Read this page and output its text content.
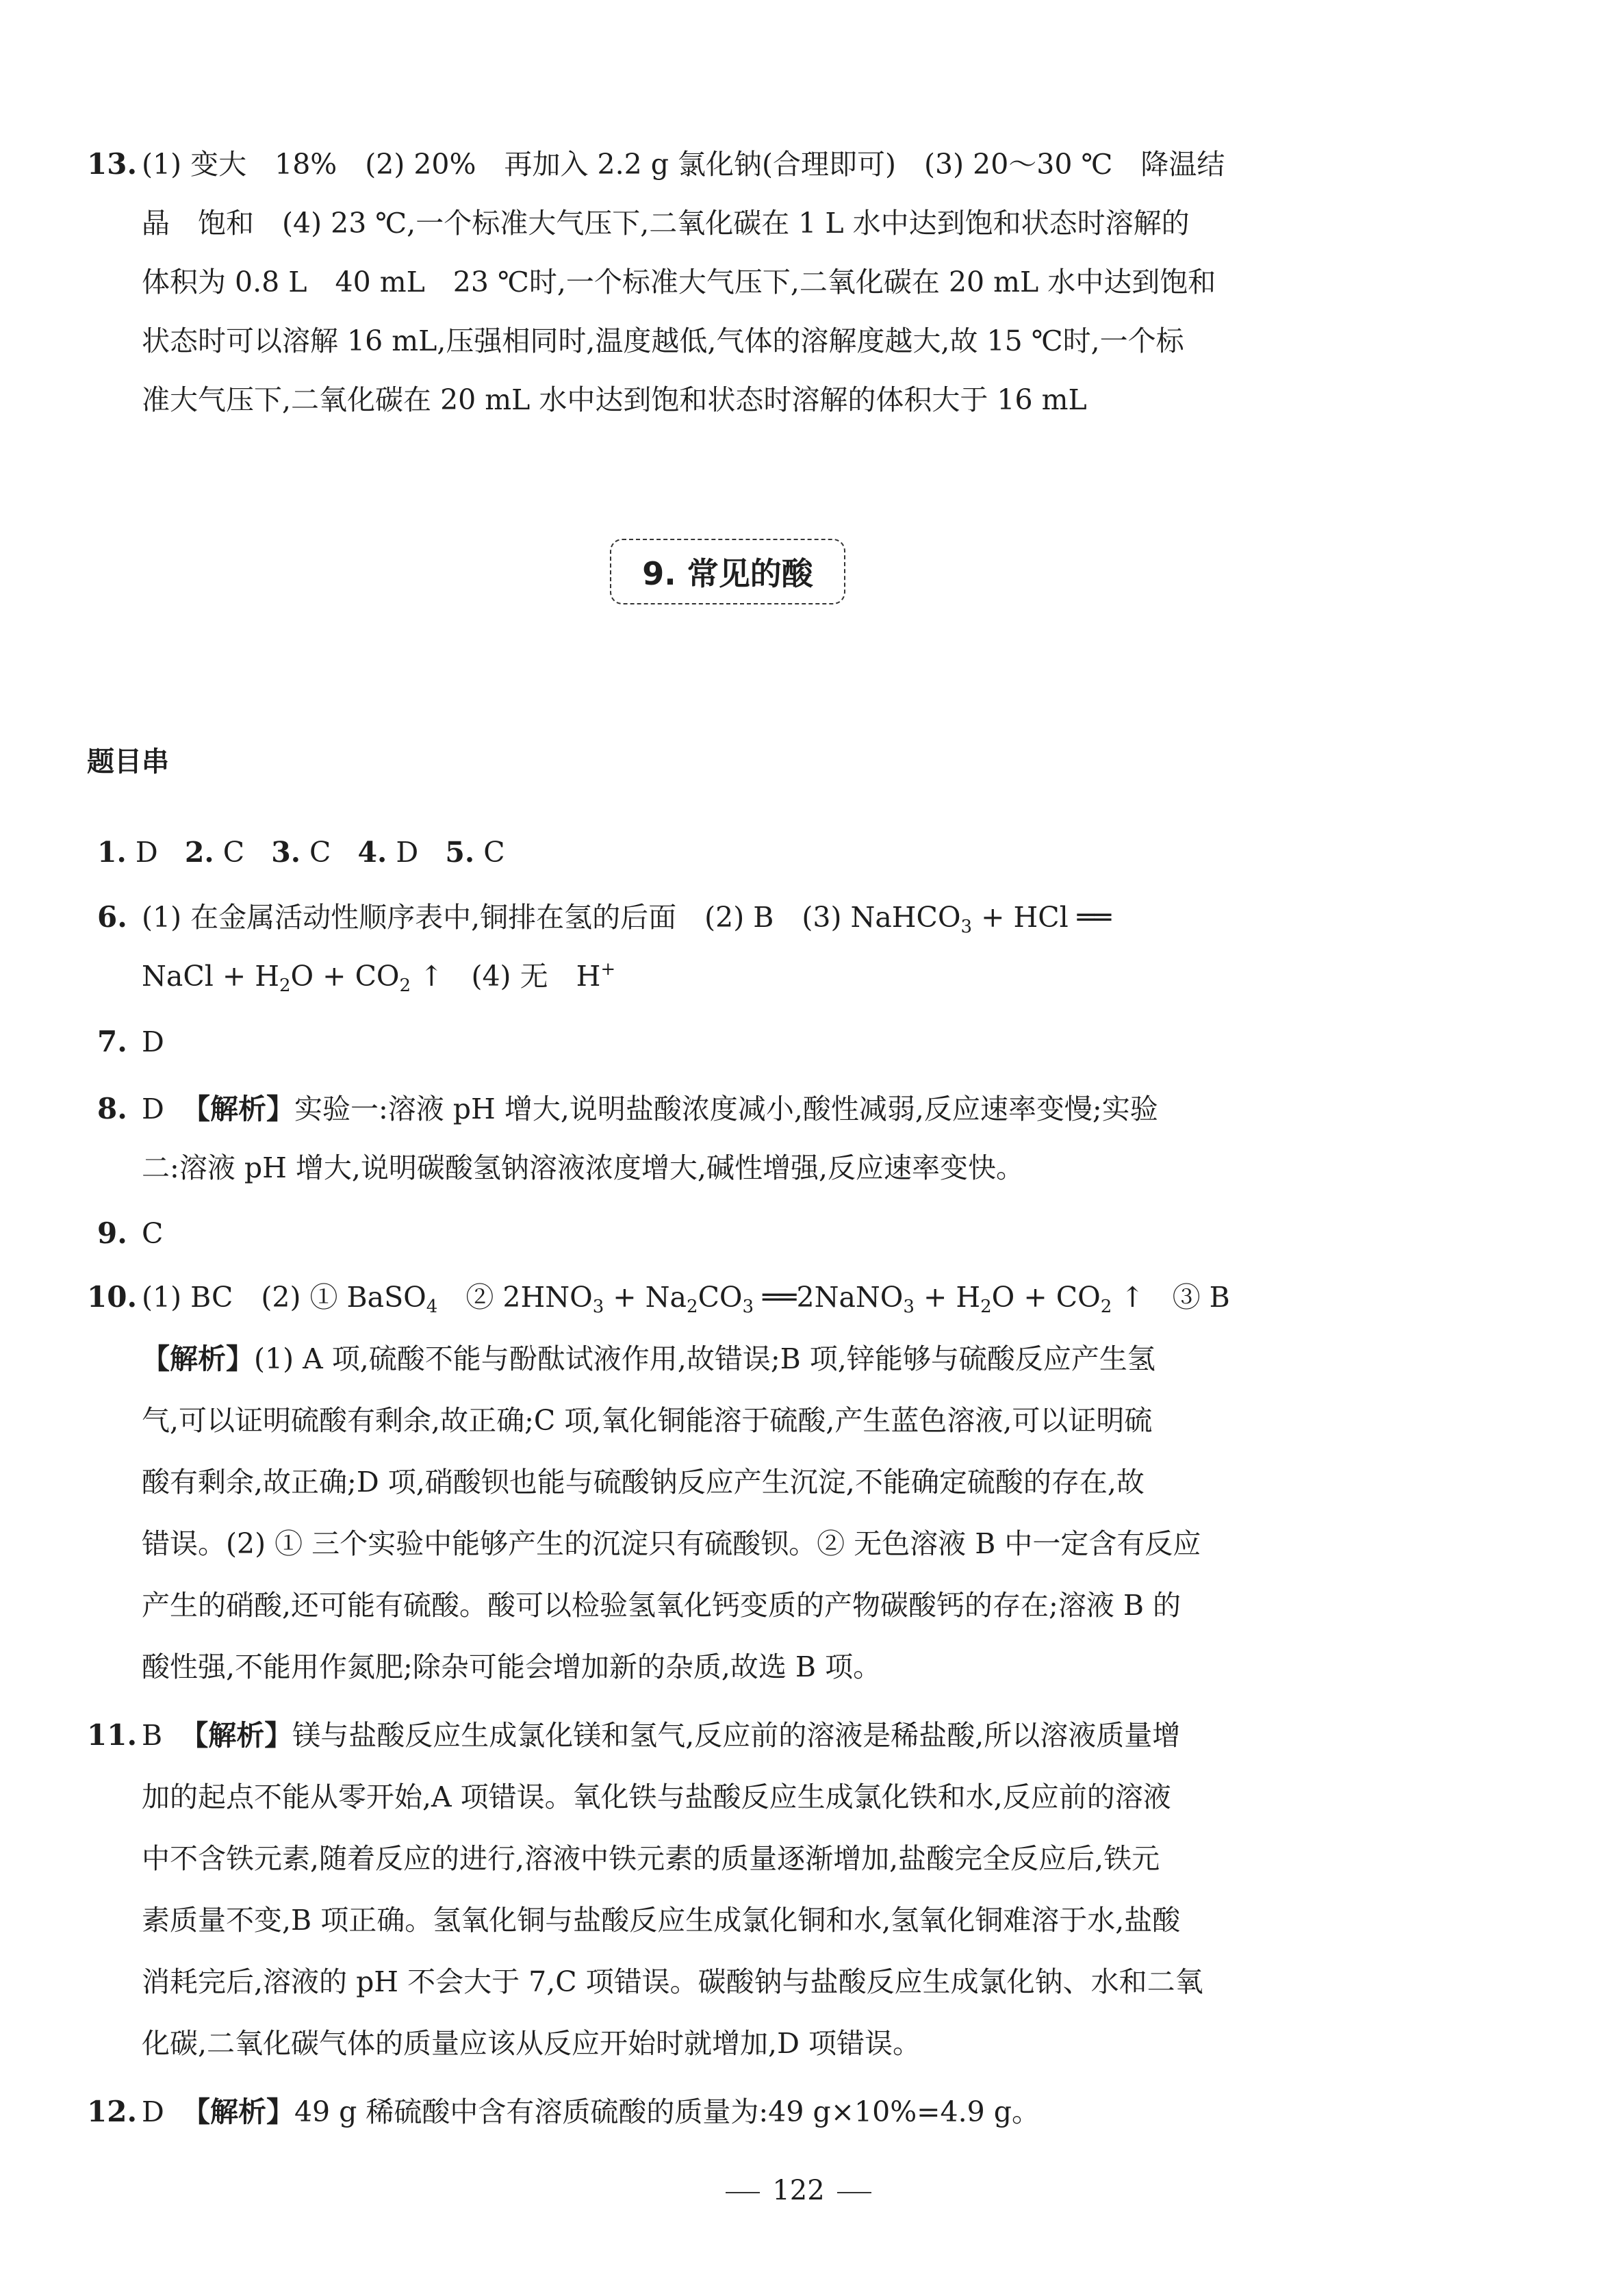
13. (1) 变大　18%　(2) 20%　再加入 2.2 g 氯化钠(合理即可)　(3) 20～30 ℃　降温结
晶　饱和　(4) 23 ℃,一个标准大气压下,二氧化碳在 1 L 水中达到饱和状态时溶解的
体积为 0.8 L　40 mL　23 ℃时,一个标准大气压下,二氧化碳在 20 mL 水中达到饱和
状态时可以溶解 16 mL,压强相同时,温度越低,气体的溶解度越大,故 15 ℃时,一个标
准大气压下,二氧化碳在 20 mL 水中达到饱和状态时溶解的体积大于 16 mL
9. 常见的酸
题目串
1. D 2. C 3. C 4. D 5. C
6. (1) 在金属活动性顺序表中,铜排在氢的后面　(2) B　(3) NaHCO$_3$ + HCl ══
NaCl + $H_2O + CO_2$ ↑　(4) 无　H+
7. D
8. D 【解析】实验一:溶液 pH 增大,说明盐酸浓度减小,酸性减弱,反应速率变慢;实验
二:溶液 pH 增大,说明碳酸氢钠溶液浓度增大,碱性增强,反应速率变快。
9. C
10. (1) BC　(2) ① BaSO$_4$　② $2HNO_3 + Na_2CO_3$ ══2NaNO$_3$ + $H_2O + CO_2$ ↑　③ B
【解析】(1) A 项,硫酸不能与酚酞试液作用,故错误;B 项,锌能够与硫酸反应产生氢
气,可以证明硫酸有剩余,故正确;C 项,氧化铜能溶于硫酸,产生蓝色溶液,可以证明硫
酸有剩余,故正确;D 项,硝酸钡也能与硫酸钠反应产生沉淀,不能确定硫酸的存在,故
错误。(2) ① 三个实验中能够产生的沉淀只有硫酸钡。② 无色溶液 B 中一定含有反应
产生的硝酸,还可能有硫酸。酸可以检验氢氧化钙变质的产物碳酸钙的存在;溶液 B 的
酸性强,不能用作氮肥;除杂可能会增加新的杂质,故选 B 项。
11. B 【解析】镁与盐酸反应生成氯化镁和氢气,反应前的溶液是稀盐酸,所以溶液质量增
加的起点不能从零开始,A 项错误。氧化铁与盐酸反应生成氯化铁和水,反应前的溶液
中不含铁元素,随着反应的进行,溶液中铁元素的质量逐渐增加,盐酸完全反应后,铁元
素质量不变,B 项正确。氢氧化铜与盐酸反应生成氯化铜和水,氢氧化铜难溶于水,盐酸
消耗完后,溶液的 pH 不会大于 7,C 项错误。碳酸钠与盐酸反应生成氯化钠、水和二氧
化碳,二氧化碳气体的质量应该从反应开始时就增加,D 项错误。
12. D 【解析】49 g 稀硫酸中含有溶质硫酸的质量为:49 g×10%=4.9 g。
122
